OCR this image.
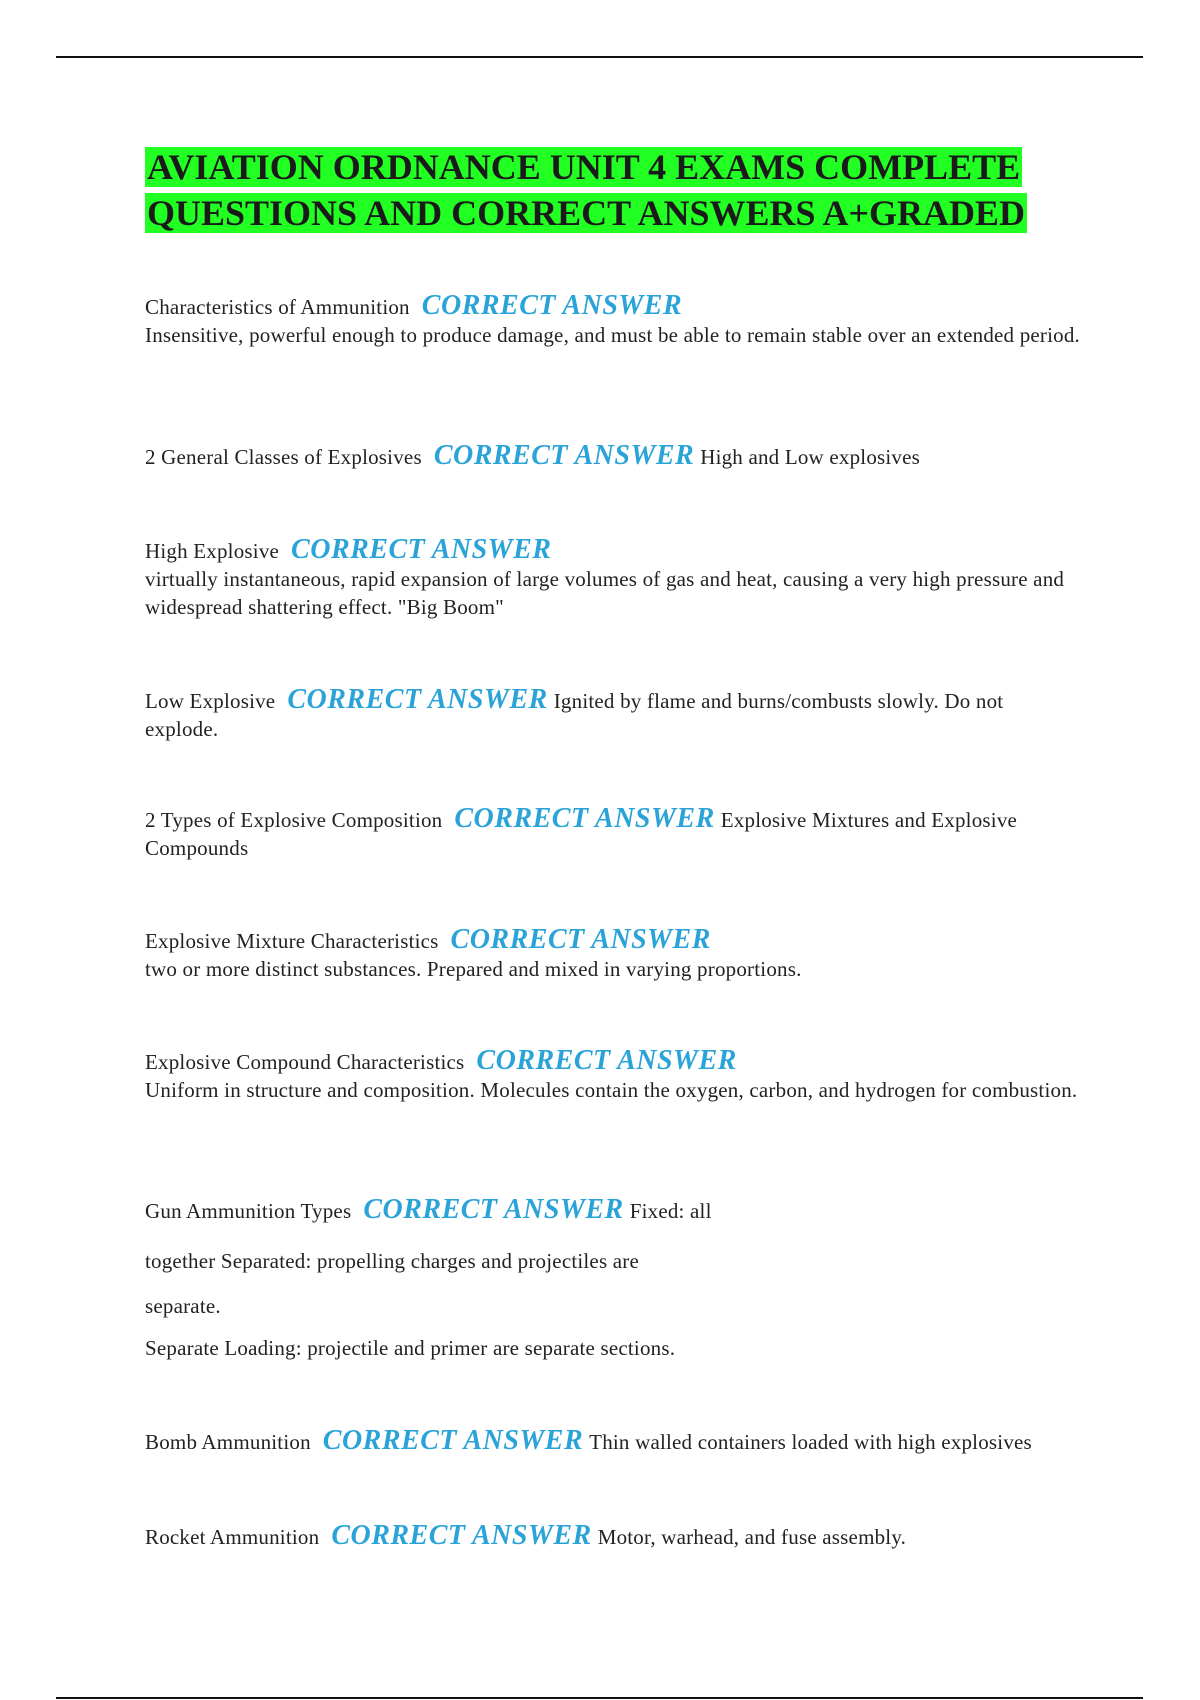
AVIATION ORDNANCE UNIT 4 EXAMS COMPLETE
QUESTIONS AND CORRECT ANSWERS A+GRADED
Characteristics of Ammunition CORRECT ANSWER
Insensitive, powerful enough to produce damage, and must be able to remain stable over an extended period.
2 General Classes of Explosives CORRECT ANSWER High and Low explosives
High Explosive CORRECT ANSWER
virtually instantaneous, rapid expansion of large volumes of gas and heat, causing a very high pressure and widespread shattering effect. "Big Boom"
Low Explosive CORRECT ANSWER Ignited by flame and burns/combusts slowly. Do not explode.
2 Types of Explosive Composition CORRECT ANSWER Explosive Mixtures and Explosive Compounds
Explosive Mixture Characteristics CORRECT ANSWER
two or more distinct substances. Prepared and mixed in varying proportions.
Explosive Compound Characteristics CORRECT ANSWER
Uniform in structure and composition. Molecules contain the oxygen, carbon, and hydrogen for combustion.
Gun Ammunition Types CORRECT ANSWER Fixed: all
together Separated: propelling charges and projectiles are
separate.
Separate Loading: projectile and primer are separate sections.
Bomb Ammunition CORRECT ANSWER Thin walled containers loaded with high explosives
Rocket Ammunition CORRECT ANSWER Motor, warhead, and fuse assembly.
